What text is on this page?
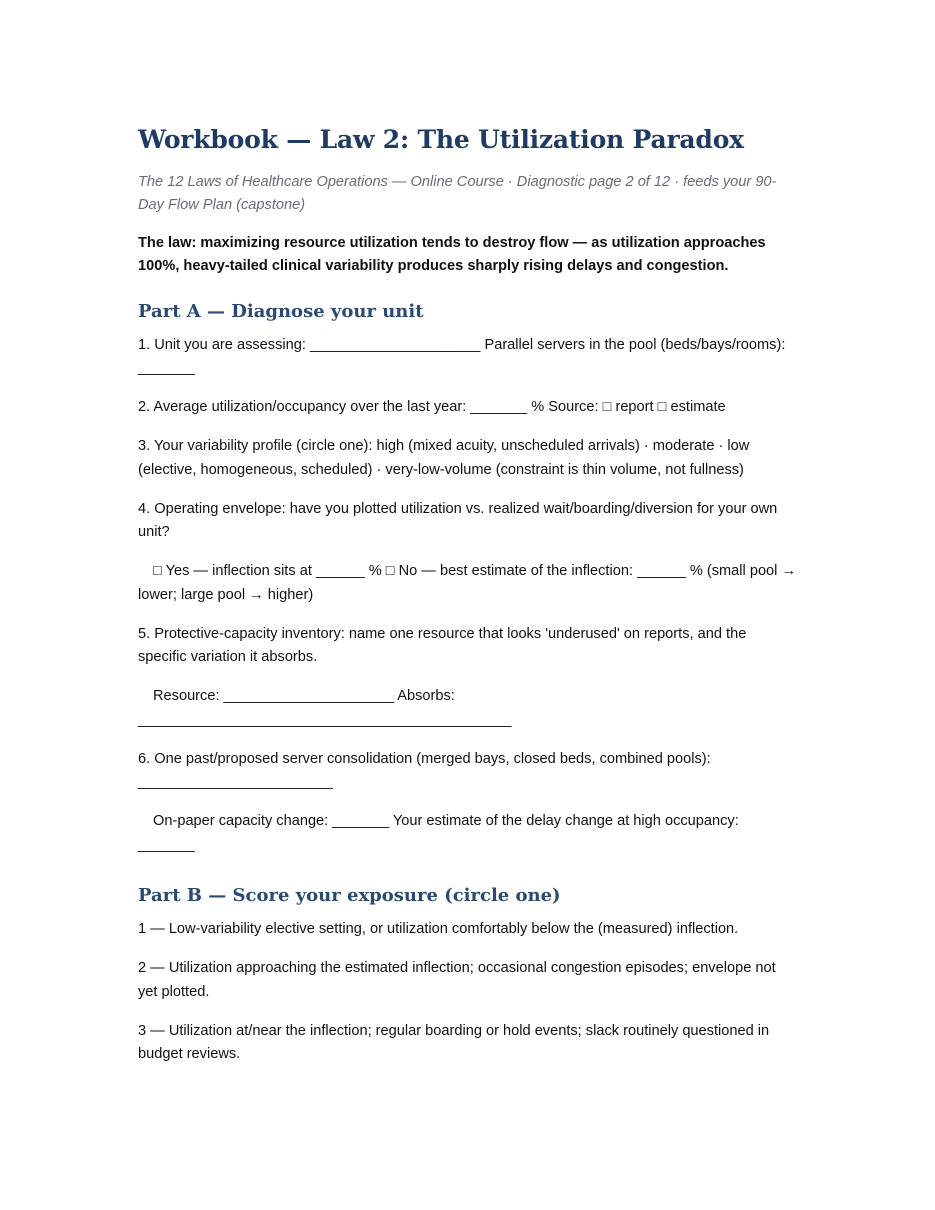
Workbook — Law 2: The Utilization Paradox

The 12 Laws of Healthcare Operations — Online Course · Diagnostic page 2 of 12 · feeds your 90-Day Flow Plan (capstone)

The law: maximizing resource utilization tends to destroy flow — as utilization approaches 100%, heavy-tailed clinical variability produces sharply rising delays and congestion.

Part A — Diagnose your unit

1. Unit you are assessing: _____________________ Parallel servers in the pool (beds/bays/rooms): _______

2. Average utilization/occupancy over the last year: _______ % Source: □ report □ estimate

3. Your variability profile (circle one): high (mixed acuity, unscheduled arrivals) · moderate · low (elective, homogeneous, scheduled) · very-low-volume (constraint is thin volume, not fullness)

4. Operating envelope: have you plotted utilization vs. realized wait/boarding/diversion for your own unit?

□ Yes — inflection sits at ______ % □ No — best estimate of the inflection: ______ % (small pool → lower; large pool → higher)

5. Protective-capacity inventory: name one resource that looks 'underused' on reports, and the specific variation it absorbs.

Resource: _____________________ Absorbs: ______________________________________________

6. One past/proposed server consolidation (merged bays, closed beds, combined pools): ________________________

On-paper capacity change: _______ Your estimate of the delay change at high occupancy: _______

Part B — Score your exposure (circle one)

1 — Low-variability elective setting, or utilization comfortably below the (measured) inflection.

2 — Utilization approaching the estimated inflection; occasional congestion episodes; envelope not yet plotted.

3 — Utilization at/near the inflection; regular boarding or hold events; slack routinely questioned in budget reviews.
